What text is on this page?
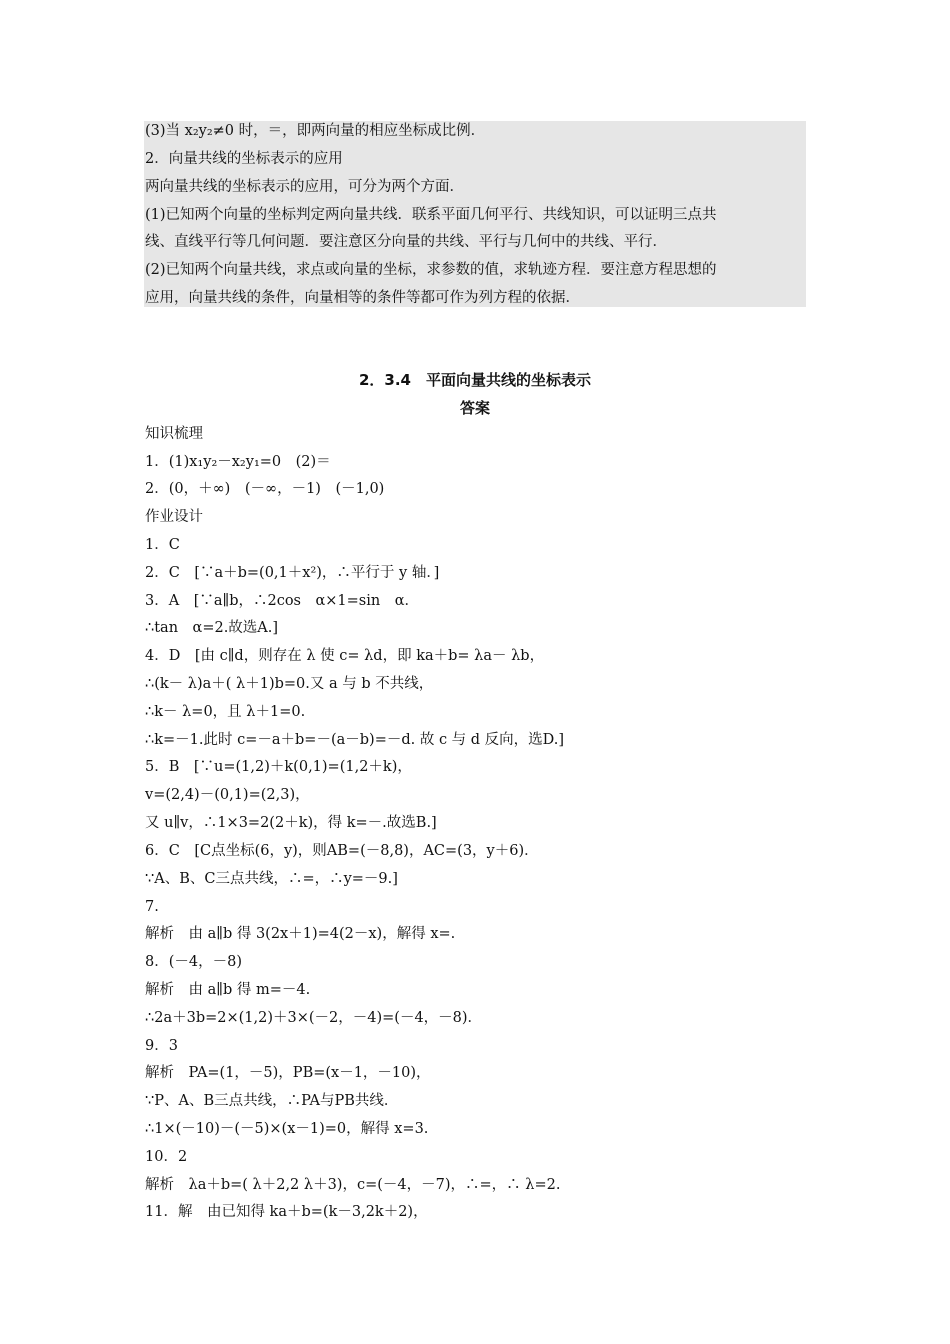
(3)当 x₂y₂≠0 时，＝，即两向量的相应坐标成比例．
2．向量共线的坐标表示的应用
两向量共线的坐标表示的应用，可分为两个方面．
(1)已知两个向量的坐标判定两向量共线．联系平面几何平行、共线知识，可以证明三点共
线、直线平行等几何问题．要注意区分向量的共线、平行与几何中的共线、平行．
(2)已知两个向量共线，求点或向量的坐标，求参数的值，求轨迹方程．要注意方程思想的
应用，向量共线的条件，向量相等的条件等都可作为列方程的依据．
2．3.4　平面向量共线的坐标表示
答案
知识梳理
1．(1)x₁y₂－x₂y₁=0　(2)＝
2．(0，＋∞)　(－∞，－1)　(－1,0)
作业设计
1．C
2．C　[∵a＋b=(0,1＋x²)，∴平行于 y 轴．]
3．A　[∵a∥b，∴2cos　α×1=sin　α．
∴tan　α=2.故选A.]
4．D　[由 c∥d，则存在 λ 使 c= λd，即 ka＋b= λa－ λb，
∴(k－ λ)a＋( λ＋1)b=0.又 a 与 b 不共线，
∴k－ λ=0，且 λ＋1=0.
∴k=－1.此时 c=－a＋b=－(a－b)=－d. 故 c 与 d 反向，选D.]
5．B　[∵u=(1,2)＋k(0,1)=(1,2＋k)，
v=(2,4)－(0,1)=(2,3)，
又 u∥v，∴1×3=2(2＋k)，得 k=－.故选B.]
6．C　[C点坐标(6，y)，则AB=(－8,8)，AC=(3，y＋6)．
∵A、B、C三点共线，∴=，∴y=－9.]
7.
解析　由 a∥b 得 3(2x＋1)=4(2－x)，解得 x=.
8．(－4，－8)
解析　由 a∥b 得 m=－4.
∴2a＋3b=2×(1,2)＋3×(－2，－4)=(－4，－8)．
9．3
解析　PA=(1，－5)，PB=(x－1，－10)，
∵P、A、B三点共线，∴PA与PB共线．
∴1×(－10)－(－5)×(x－1)=0，解得 x=3.
10．2
解析　λa＋b=( λ＋2,2 λ＋3)，c=(－4，－7)，∴=，∴ λ=2.
11．解　由已知得 ka＋b=(k－3,2k＋2)，
